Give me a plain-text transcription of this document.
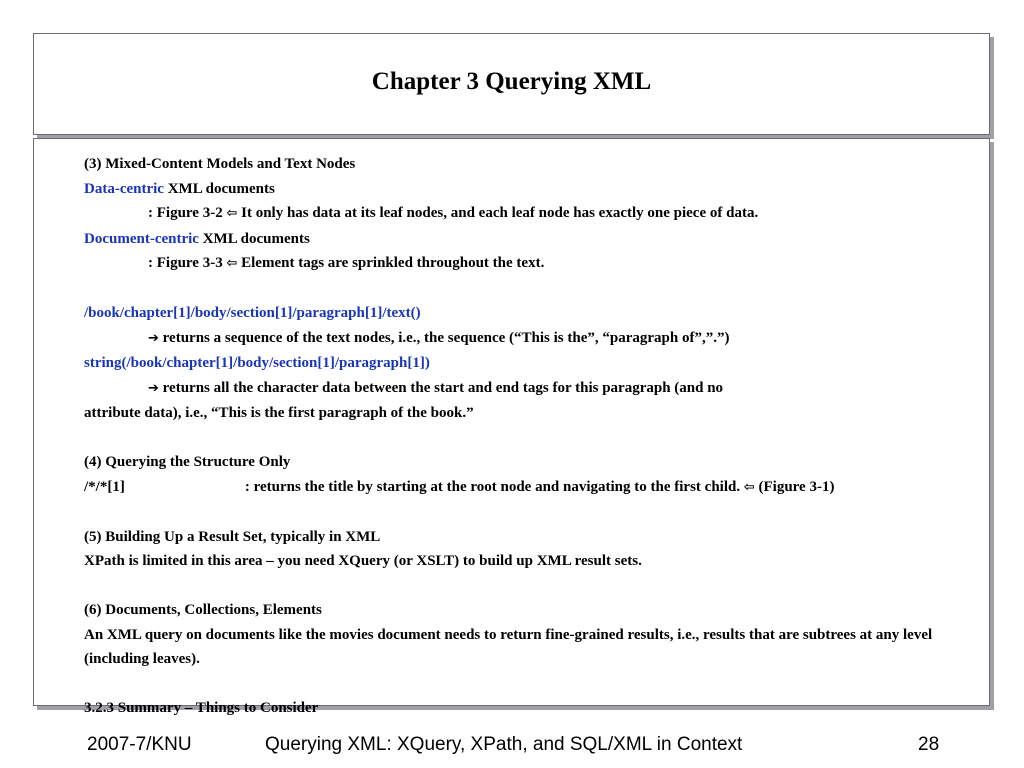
Chapter 3 Querying XML

(3) Mixed-Content Models and Text Nodes

Data-centric XML documents

: Figure 3-2 ⇦ It only has data at its leaf nodes, and each leaf node has exactly one piece of data.

Document-centric XML documents

: Figure 3-3 ⇦ Element tags are sprinkled throughout the text.

/book/chapter[1]/body/section[1]/paragraph[1]/text()

➔ returns a sequence of the text nodes, i.e., the sequence (“This is the”, “paragraph of”,”.”)

string(/book/chapter[1]/body/section[1]/paragraph[1])

➔ returns all the character data between the start and end tags for this paragraph (and no

attribute data), i.e., “This is the first paragraph of the book.”

(4) Querying the Structure Only

/*/*[1]	: returns the title by starting at the root node and navigating to the first child. ⇦ (Figure 3-1)

(5) Building Up a Result Set, typically in XML

XPath is limited in this area – you need XQuery (or XSLT) to build up XML result sets.

(6) Documents, Collections, Elements

An XML query on documents like the movies document needs to return fine-grained results, i.e., results that are subtrees at any level (including leaves).

3.2.3 Summary – Things to Consider

2007-7/KNU	Querying XML: XQuery, XPath, and SQL/XML in Context	28
